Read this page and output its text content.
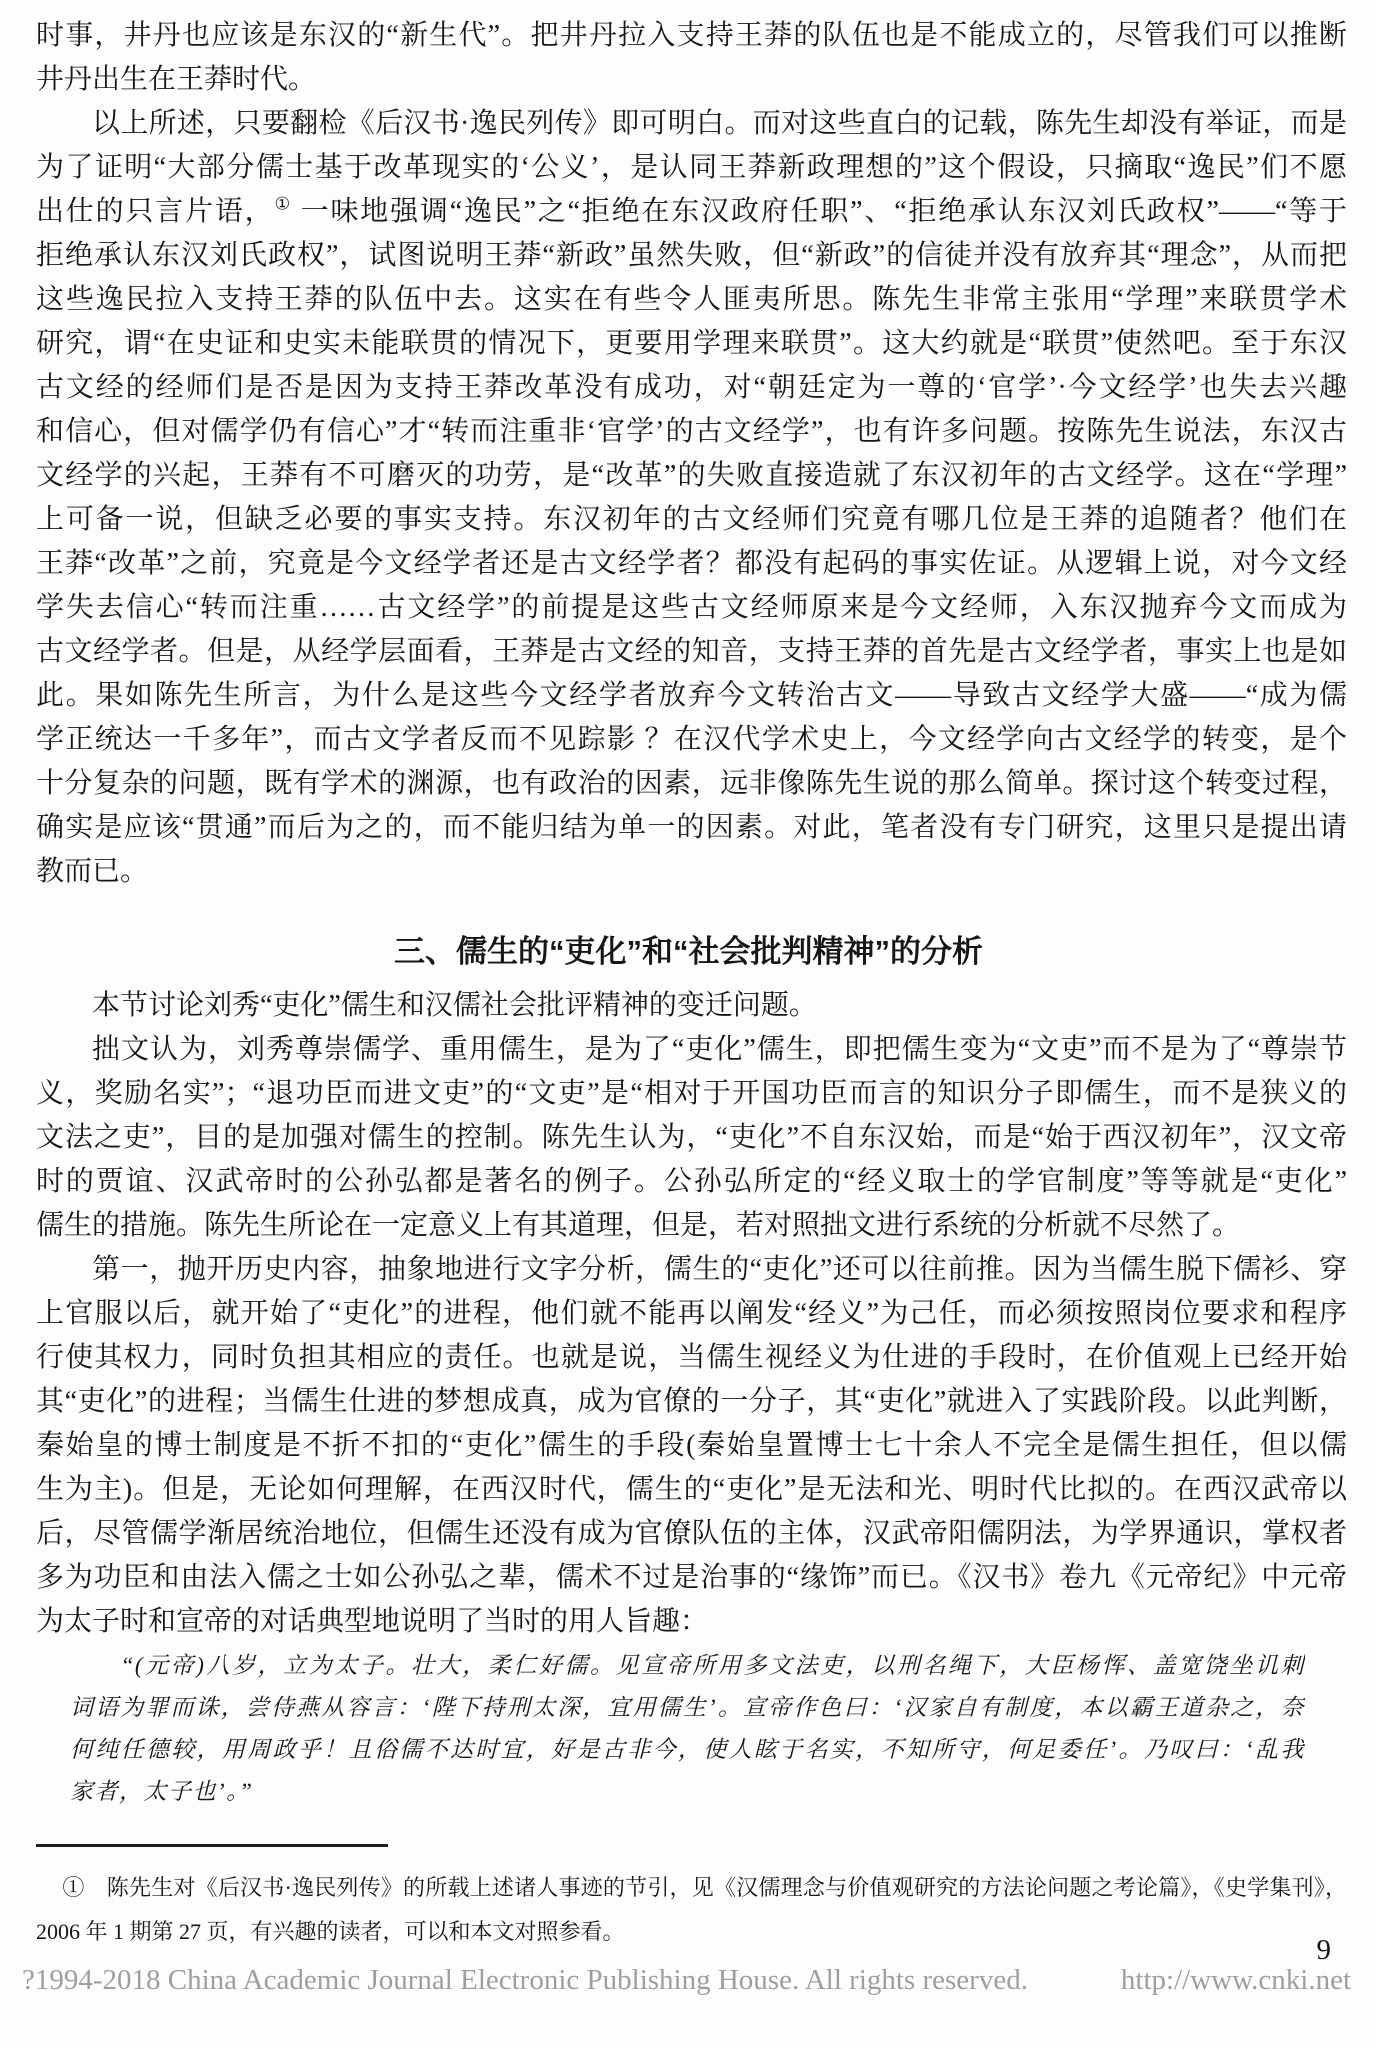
时事，井丹也应该是东汉的“新生代”。把井丹拉入支持王莽的队伍也是不能成立的，尽管我们可以推断
井丹出生在王莽时代。
以上所述，只要翻检《后汉书·逸民列传》即可明白。而对这些直白的记载，陈先生却没有举证，而是
为了证明“大部分儒士基于改革现实的‘公义’，是认同王莽新政理想的”这个假设，只摘取“逸民”们不愿
出仕的只言片语，① 一味地强调“逸民”之“拒绝在东汉政府任职”、“拒绝承认东汉刘氏政权”——“等于
拒绝承认东汉刘氏政权”，试图说明王莽“新政”虽然失败，但“新政”的信徒并没有放弃其“理念”，从而把
这些逸民拉入支持王莽的队伍中去。这实在有些令人匪夷所思。陈先生非常主张用“学理”来联贯学术
研究，谓“在史证和史实未能联贯的情况下，更要用学理来联贯”。这大约就是“联贯”使然吧。至于东汉
古文经的经师们是否是因为支持王莽改革没有成功，对“朝廷定为一尊的‘官学’·今文经学’也失去兴趣
和信心，但对儒学仍有信心”才“转而注重非‘官学’的古文经学”，也有许多问题。按陈先生说法，东汉古
文经学的兴起，王莽有不可磨灭的功劳，是“改革”的失败直接造就了东汉初年的古文经学。这在“学理”
上可备一说，但缺乏必要的事实支持。东汉初年的古文经师们究竟有哪几位是王莽的追随者？他们在
王莽“改革”之前，究竟是今文经学者还是古文经学者？都没有起码的事实佐证。从逻辑上说，对今文经
学失去信心“转而注重……古文经学”的前提是这些古文经师原来是今文经师，入东汉抛弃今文而成为
古文经学者。但是，从经学层面看，王莽是古文经的知音，支持王莽的首先是古文经学者，事实上也是如
此。果如陈先生所言，为什么是这些今文经学者放弃今文转治古文——导致古文经学大盛——“成为儒
学正统达一千多年”，而古文学者反而不见踪影 ？在汉代学术史上，今文经学向古文经学的转变，是个
十分复杂的问题，既有学术的渊源，也有政治的因素，远非像陈先生说的那么简单。探讨这个转变过程，
确实是应该“贯通”而后为之的，而不能归结为单一的因素。对此，笔者没有专门研究，这里只是提出请
教而已。
三、儒生的“吏化”和“社会批判精神”的分析
本节讨论刘秀“吏化”儒生和汉儒社会批评精神的变迁问题。
拙文认为，刘秀尊崇儒学、重用儒生，是为了“吏化”儒生，即把儒生变为“文吏”而不是为了“尊崇节
义，奖励名实”；“退功臣而进文吏”的“文吏”是“相对于开国功臣而言的知识分子即儒生，而不是狭义的
文法之吏”，目的是加强对儒生的控制。陈先生认为，“吏化”不自东汉始，而是“始于西汉初年”，汉文帝
时的贾谊、汉武帝时的公孙弘都是著名的例子。公孙弘所定的“经义取士的学官制度”等等就是“吏化”
儒生的措施。陈先生所论在一定意义上有其道理，但是，若对照拙文进行系统的分析就不尽然了。
第一，抛开历史内容，抽象地进行文字分析，儒生的“吏化”还可以往前推。因为当儒生脱下儒衫、穿
上官服以后，就开始了“吏化”的进程，他们就不能再以阐发“经义”为己任，而必须按照岗位要求和程序
行使其权力，同时负担其相应的责任。也就是说，当儒生视经义为仕进的手段时，在价值观上已经开始
其“吏化”的进程；当儒生仕进的梦想成真，成为官僚的一分子，其“吏化”就进入了实践阶段。以此判断，
秦始皇的博士制度是不折不扣的“吏化”儒生的手段(秦始皇置博士七十余人不完全是儒生担任，但以儒
生为主)。但是，无论如何理解，在西汉时代，儒生的“吏化”是无法和光、明时代比拟的。在西汉武帝以
后，尽管儒学渐居统治地位，但儒生还没有成为官僚队伍的主体，汉武帝阳儒阴法，为学界通识，掌权者
多为功臣和由法入儒之士如公孙弘之辈，儒术不过是治事的“缘饰”而已。《汉书》卷九《元帝纪》中元帝
为太子时和宣帝的对话典型地说明了当时的用人旨趣：
“(元帝)八岁，立为太子。壮大，柔仁好儒。见宣帝所用多文法吏，以刑名绳下，大臣杨恽、盖宽饶坐讥刺
词语为罪而诛，尝侍燕从容言：‘陛下持刑太深，宜用儒生’。宣帝作色曰：‘汉家自有制度，本以霸王道杂之，奈
何纯任德较，用周政乎！且俗儒不达时宜，好是古非今，使人眩于名实，不知所守，何足委任’。乃叹曰：‘乱我
家者，太子也’。”
①　陈先生对《后汉书·逸民列传》的所载上述诸人事迹的节引，见《汉儒理念与价值观研究的方法论问题之考论篇》，《史学集刊》，
2006 年 1 期第 27 页，有兴趣的读者，可以和本文对照参看。
9
?1994-2018 China Academic Journal Electronic Publishing House. All rights reserved.	http://www.cnki.net
